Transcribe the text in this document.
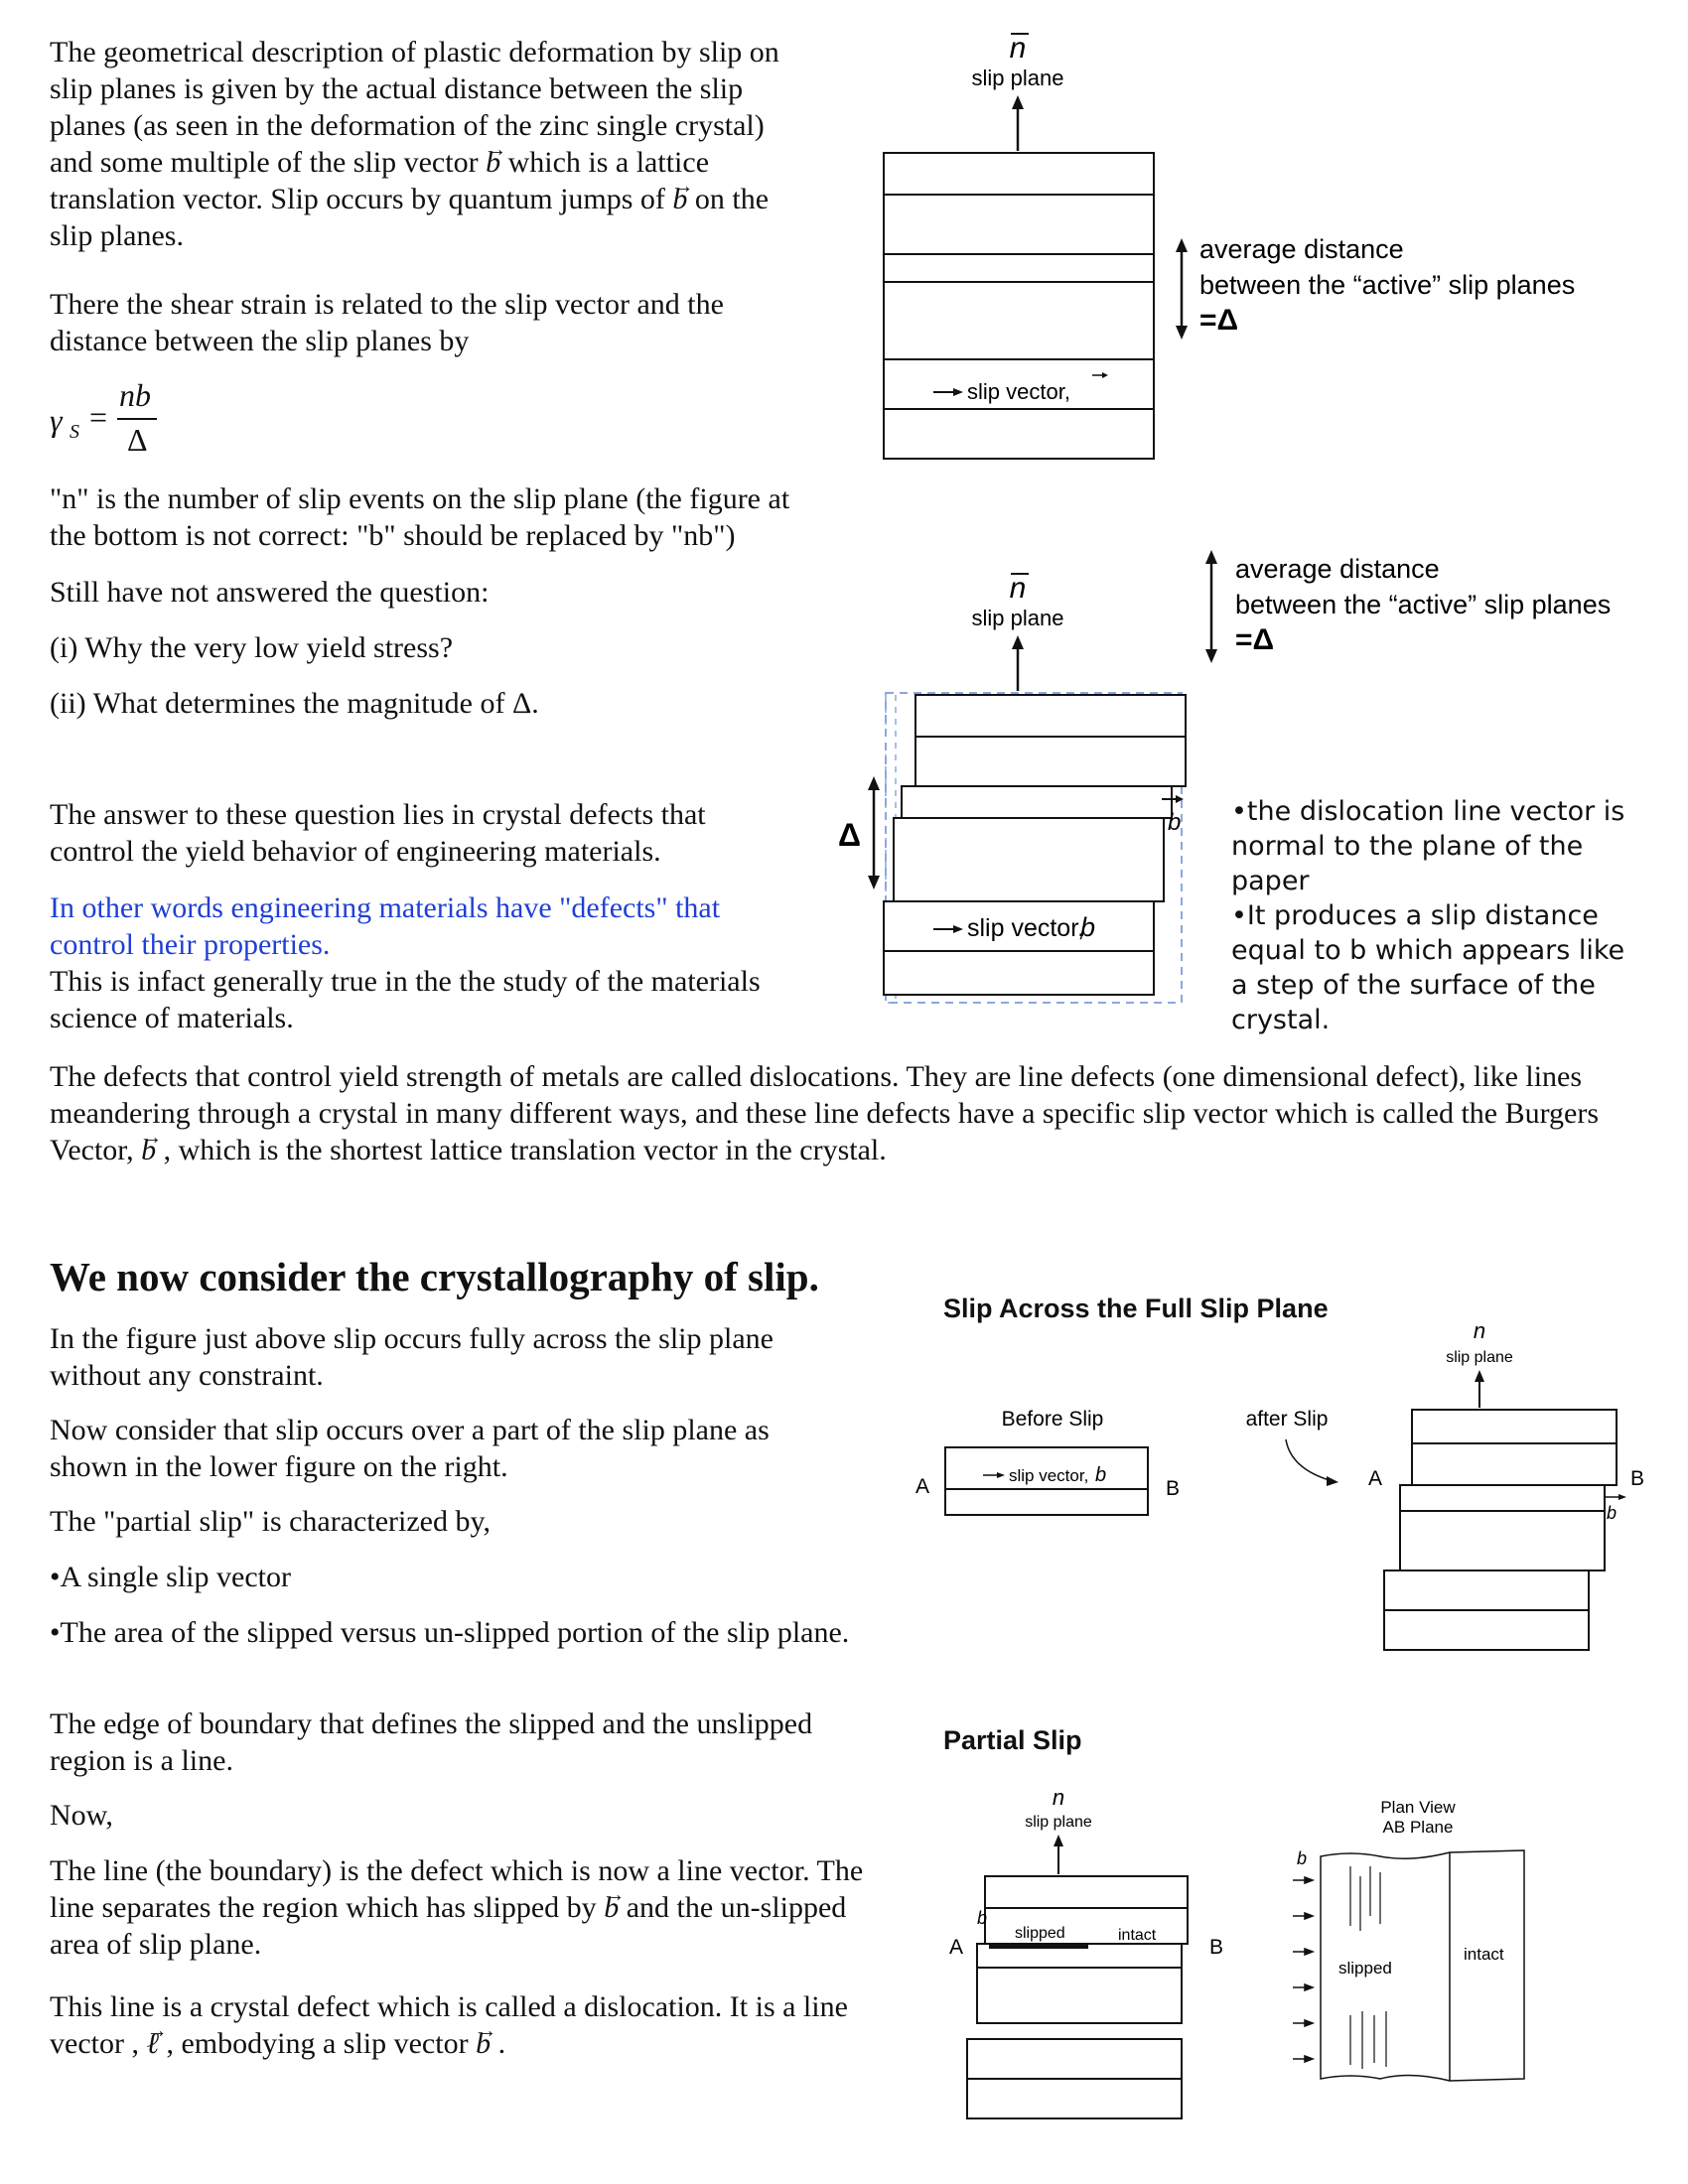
The geometrical description of plastic deformation by slip on slip planes is given by the actual distance between the slip planes (as seen in the deformation of the zinc single crystal) and some multiple of the slip vector → b which is a lattice translation vector. Slip occurs by quantum jumps of → b on the slip planes.
There the shear strain is related to the slip vector and the distance between the slip planes by
γ S =
nb
Δ
"n" is the number of slip events on the slip plane (the figure at the bottom is not correct: "b" should be replaced by "nb")
Still have not answered the question:
(i) Why the very low yield stress?
(ii) What determines the magnitude of Δ.
The answer to these question lies in crystal defects that control the yield behavior of engineering materials.
In other words engineering materials have "defects" that control their properties.
This is infact generally true in the the study of the materials science of materials.
The defects that control yield strength of metals are called dislocations. They are line defects (one dimensional defect), like lines meandering through a crystal in many different ways, and these line defects have a specific slip vector which is called the Burgers Vector, → b , which is the shortest lattice translation vector in the crystal.
We now consider the crystallography of slip.
In the figure just above slip occurs fully across the slip plane without any constraint.
Now consider that slip occurs over a part of the slip plane as shown in the lower figure on the right.
The "partial slip" is characterized by,
•A single slip vector
•The area of the slipped versus un-slipped portion of the slip plane.
The edge of boundary that defines the slipped and the unslipped region is a line.
Now,
The line (the boundary) is the defect which is now a line vector. The line separates the region which has slipped by → b and the un-slipped area of slip plane.
This line is a crystal defect which is called a dislocation. It is a line vector , → ℓ , embodying a slip vector → b .
n
slip plane
slip vector,
average distance
between the “active” slip planes
=Δ
n
slip plane
slip vector,
b
b
Δ
average distance
between the “active” slip planes
=Δ
•the dislocation line vector is normal to the plane of the paper
•It produces a slip distance equal to b which appears like a step of the surface of the crystal.
Slip Across the Full Slip Plane
Before Slip
slip vector, b
A	B
after Slip
n
slip plane
A	B
b
Partial Slip
n
slip plane
slipped	intact
b
A	B
Plan View
AB Plane
slipped
intact
b
